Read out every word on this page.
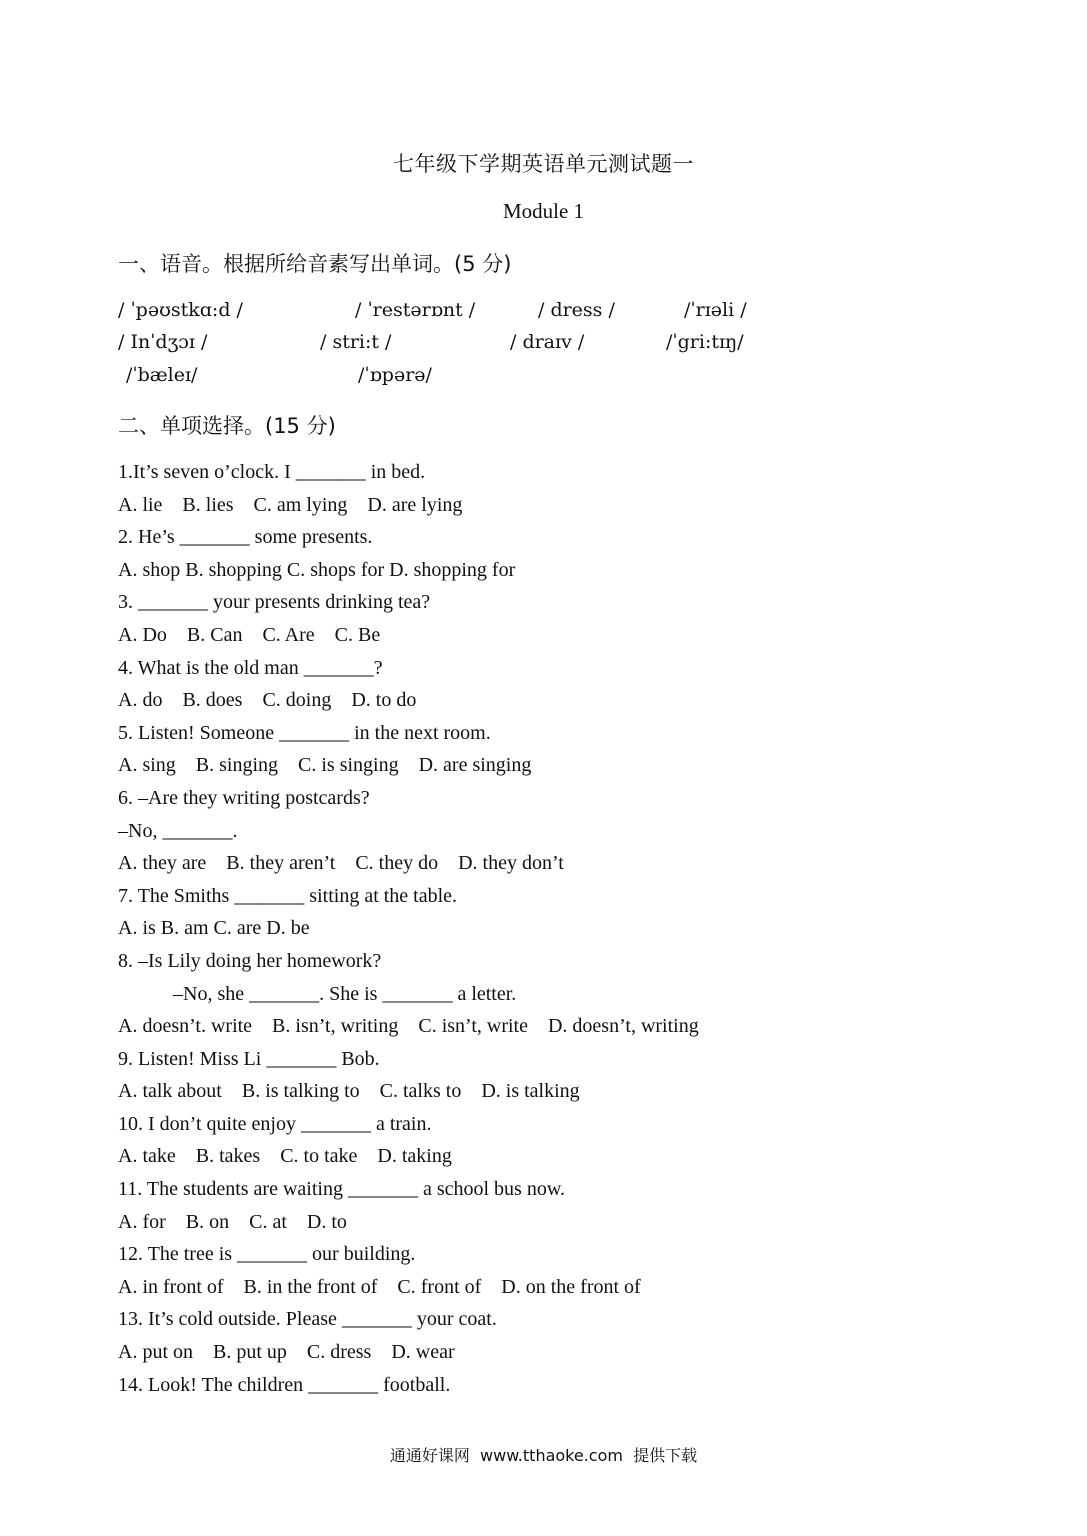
七年级下学期英语单元测试题一
Module 1
一、语音。根据所给音素写出单词。(5 分)
/ ˈpəʊstkɑ:d /	/ ˈrestərɒnt /	/ dress /	/ˈrɪəli /
/ Inˈdʒɔɪ /	/ stri:t /	/ draɪv /	/ˈgri:tɪŋ/
/ˈbæleɪ/	/ˈɒpərə/
二、单项选择。(15 分)
1.It’s seven o’clock. I _______ in bed.
A. lie    B. lies    C. am lying    D. are lying
2. He’s _______ some presents.
A. shop B. shopping C. shops for D. shopping for
3. _______ your presents drinking tea?
A. Do    B. Can    C. Are    C. Be
4. What is the old man _______?
A. do    B. does    C. doing    D. to do
5. Listen! Someone _______ in the next room.
A. sing    B. singing    C. is singing    D. are singing
6. –Are they writing postcards?
–No, _______.
A. they are    B. they aren’t    C. they do    D. they don’t
7. The Smiths _______ sitting at the table.
A. is B. am C. are D. be
8. –Is Lily doing her homework?
–No, she _______. She is _______ a letter.
A. doesn’t. write    B. isn’t, writing    C. isn’t, write    D. doesn’t, writing
9. Listen! Miss Li _______ Bob.
A. talk about    B. is talking to    C. talks to    D. is talking
10. I don’t quite enjoy _______ a train.
A. take    B. takes    C. to take    D. taking
11. The students are waiting _______ a school bus now.
A. for    B. on    C. at    D. to
12. The tree is _______ our building.
A. in front of    B. in the front of    C. front of    D. on the front of
13. It’s cold outside. Please _______ your coat.
A. put on    B. put up    C. dress    D. wear
14. Look! The children _______ football.
通通好课网  www.tthaoke.com  提供下载
